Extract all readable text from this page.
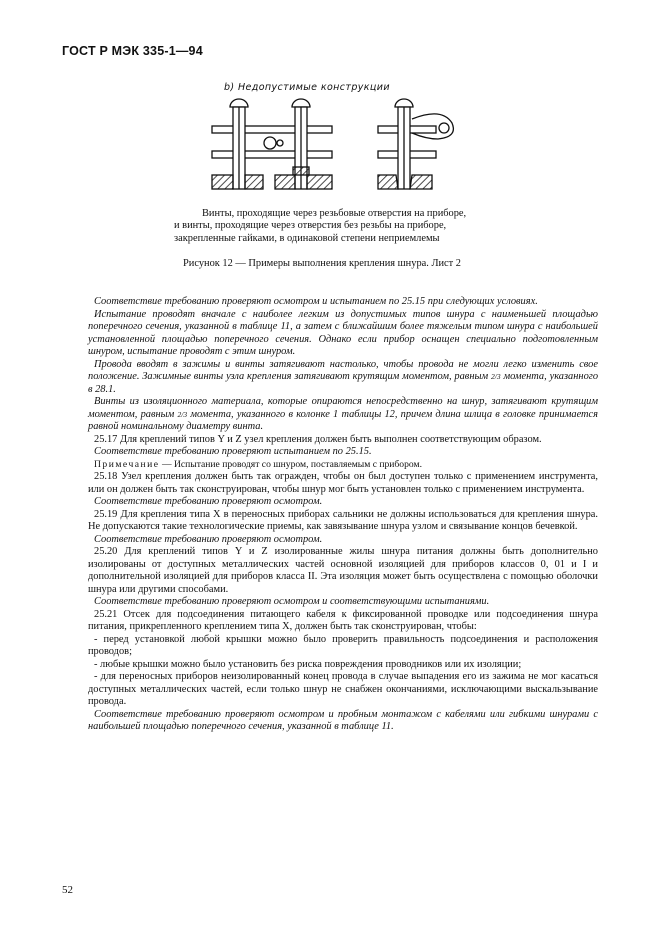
ГОСТ Р МЭК 335-1—94
b) Недопустимые конструкции
Винты, проходящие через резьбовые отверстия на приборе,
и винты, проходящие через отверстия без резьбы на приборе,
закрепленные гайками, в одинаковой степени неприемлемы
Рисунок 12 — Примеры выполнения крепления шнура. Лист 2

Соответствие требованию проверяют осмотром и испытанием по 25.15 при следующих условиях.

Испытание проводят вначале с наиболее легким из допустимых типов шнура с наименьшей площадью поперечного сечения, указанной в таблице 11, а затем с ближайшим более тяжелым типом шнура с наибольшей установленной площадью поперечного сечения. Однако если прибор оснащен специально подготовленным шнуром, испытание проводят с этим шнуром.

Провода вводят в зажимы и винты затягивают настолько, чтобы провода не могли легко изменить свое положение. Зажимные винты узла крепления затягивают крутящим моментом, равным 2/3 момента, указанного в 28.1.

Винты из изоляционного материала, которые опираются непосредственно на шнур, затягивают крутящим моментом, равным 2/3 момента, указанного в колонке 1 таблицы 12, причем длина шлица в головке принимается равной номинальному диаметру винта.

25.17 Для креплений типов Y и Z узел крепления должен быть выполнен соответствующим образом.

Соответствие требованию проверяют испытанием по 25.15.

Примечание — Испытание проводят со шнуром, поставляемым с прибором.

25.18 Узел крепления должен быть так огражден, чтобы он был доступен только с применением инструмента, или он должен быть так сконструирован, чтобы шнур мог быть установлен только с применением инструмента.

Соответствие требованию проверяют осмотром.

25.19 Для крепления типа X в переносных приборах сальники не должны использоваться для крепления шнура. Не допускаются такие технологические приемы, как завязывание шнура узлом и связывание концов бечевкой.

Соответствие требованию проверяют осмотром.

25.20 Для креплений типов Y и Z изолированные жилы шнура питания должны быть дополнительно изолированы от доступных металлических частей основной изоляцией для приборов классов 0, 01 и I и дополнительной изоляцией для приборов класса II. Эта изоляция может быть осуществлена с помощью оболочки шнура или другими способами.

Соответствие требованию проверяют осмотром и соответствующими испытаниями.

25.21 Отсек для подсоединения питающего кабеля к фиксированной проводке или подсоединения шнура питания, прикрепленного креплением типа X, должен быть так сконструирован, чтобы:

- перед установкой любой крышки можно было проверить правильность подсоединения и расположения проводов;

- любые крышки можно было установить без риска повреждения проводников или их изоляции;

- для переносных приборов неизолированный конец провода в случае выпадения его из зажима не мог касаться доступных металлических частей, если только шнур не снабжен окончаниями, исключающими выскальзывание провода.

Соответствие требованию проверяют осмотром и пробным монтажом с кабелями или гибкими шнурами с наибольшей площадью поперечного сечения, указанной в таблице 11.

52
